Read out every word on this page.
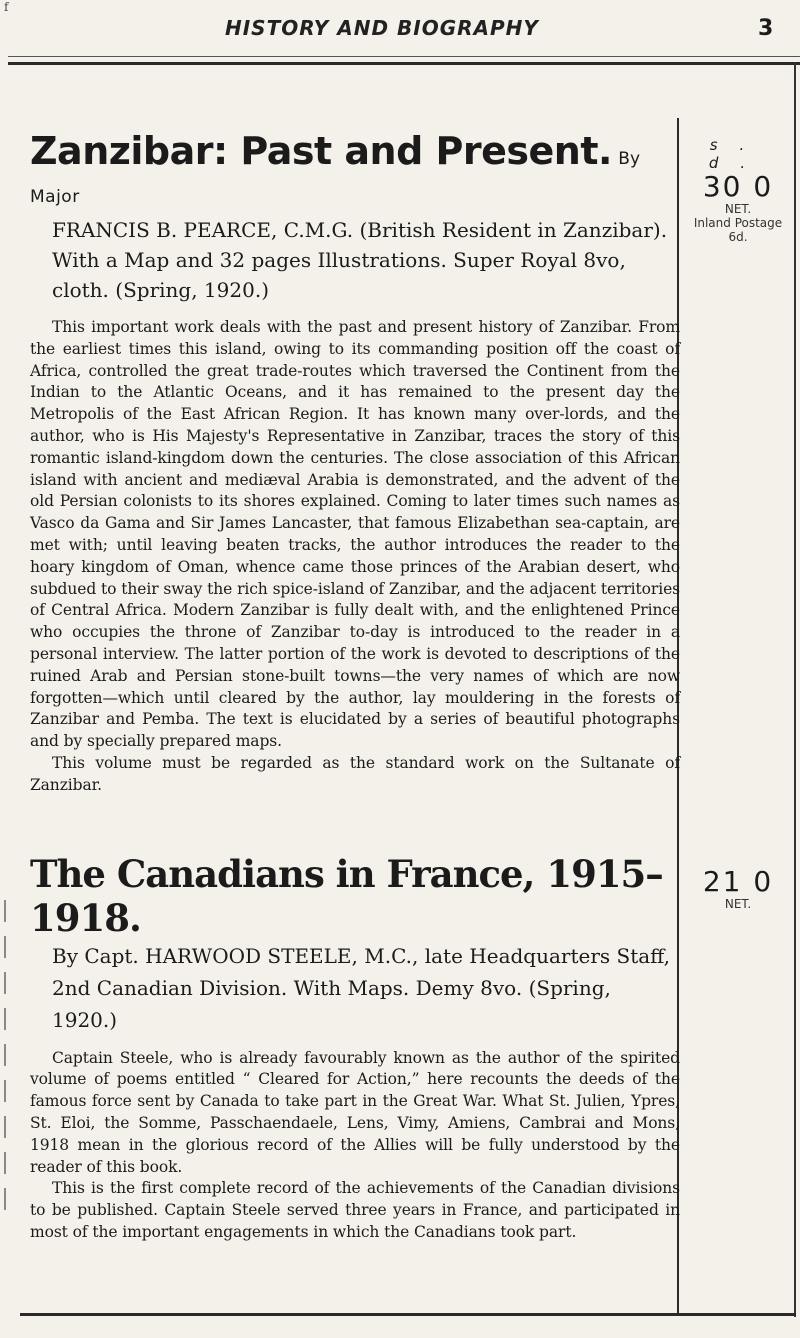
f
HISTORY AND BIOGRAPHY	3
s. d.
30 0
NET.
Inland Postage 6d.
Zanzibar: Past and Present. By Major
FRANCIS B. PEARCE, C.M.G. (British Resident in Zanzibar). With a Map and 32 pages Illustrations. Super Royal 8vo, cloth. (Spring, 1920.)

This important work deals with the past and present history of Zanzibar. From the earliest times this island, owing to its commanding position off the coast of Africa, controlled the great trade-routes which traversed the Continent from the Indian to the Atlantic Oceans, and it has remained to the present day the Metropolis of the East African Region. It has known many over-lords, and the author, who is His Majesty's Representative in Zanzibar, traces the story of this romantic island-kingdom down the centuries. The close association of this African island with ancient and mediæval Arabia is demonstrated, and the advent of the old Persian colonists to its shores explained. Coming to later times such names as Vasco da Gama and Sir James Lancaster, that famous Elizabethan sea-captain, are met with; until leaving beaten tracks, the author introduces the reader to the hoary kingdom of Oman, whence came those princes of the Arabian desert, who subdued to their sway the rich spice-island of Zanzibar, and the adjacent territories of Central Africa. Modern Zanzibar is fully dealt with, and the enlightened Prince who occupies the throne of Zanzibar to-day is introduced to the reader in a personal interview. The latter portion of the work is devoted to descriptions of the ruined Arab and Persian stone-built towns—the very names of which are now forgotten—which until cleared by the author, lay mouldering in the forests of Zanzibar and Pemba. The text is elucidated by a series of beautiful photographs and by specially prepared maps.

This volume must be regarded as the standard work on the Sultanate of Zanzibar.

The Canadians in France, 1915–1918.
By Capt. HARWOOD STEELE, M.C., late Headquarters Staff, 2nd Canadian Division. With Maps. Demy 8vo. (Spring, 1920.)

Captain Steele, who is already favourably known as the author of the spirited volume of poems entitled “ Cleared for Action,” here recounts the deeds of the famous force sent by Canada to take part in the Great War. What St. Julien, Ypres, St. Eloi, the Somme, Passchaendaele, Lens, Vimy, Amiens, Cambrai and Mons, 1918 mean in the glorious record of the Allies will be fully understood by the reader of this book.

This is the first complete record of the achievements of the Canadian divisions to be published. Captain Steele served three years in France, and participated in most of the important engagements in which the Canadians took part.

21 0
NET.
